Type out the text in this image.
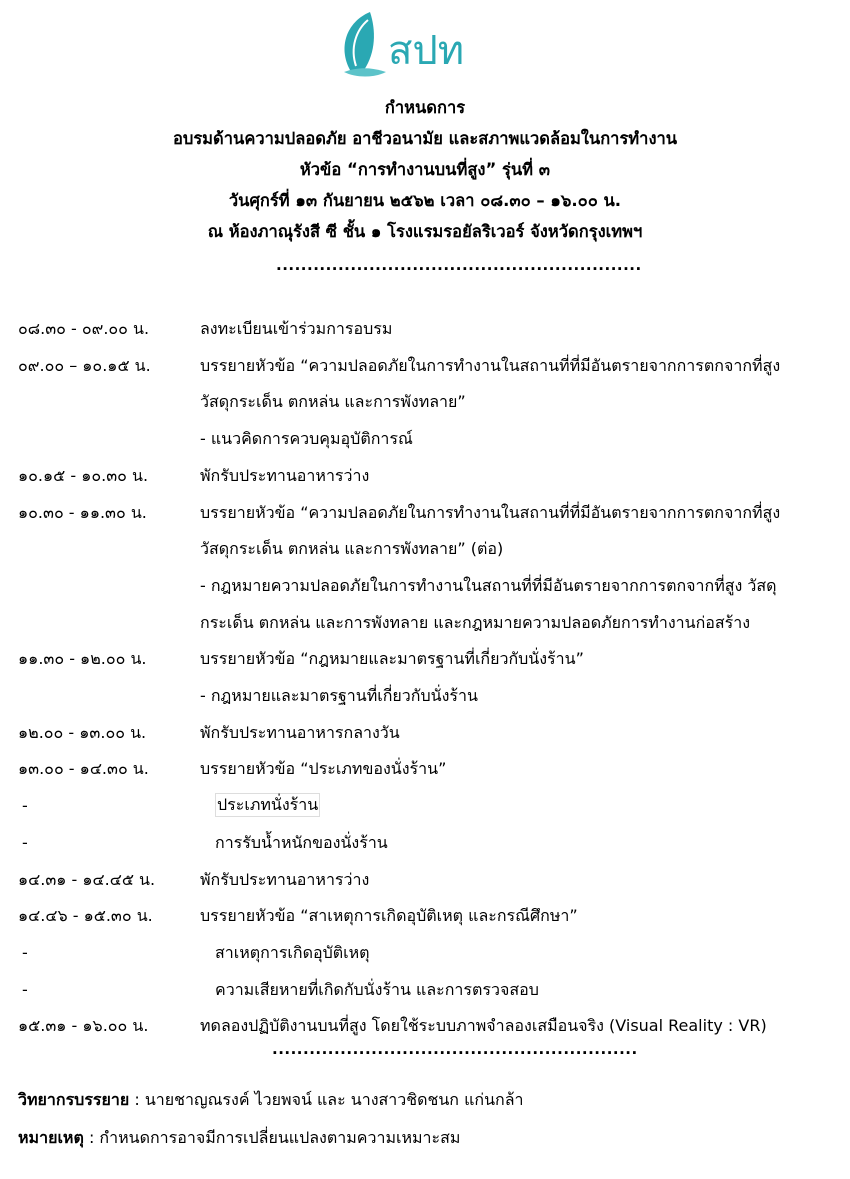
สปท
กำหนดการ
อบรมด้านความปลอดภัย อาชีวอนามัย และสภาพแวดล้อมในการทำงาน
หัวข้อ “การทำงานบนที่สูง” รุ่นที่ ๓
วันศุกร์ที่ ๑๓ กันยายน ๒๕๖๒ เวลา ๐๘.๓๐ – ๑๖.๐๐ น.
ณ ห้องภาณุรังสี ซี ชั้น ๑ โรงแรมรอยัลริเวอร์ จังหวัดกรุงเทพฯ
...........................................................
๐๘.๓๐ - ๐๙.๐๐ น.	ลงทะเบียนเข้าร่วมการอบรม
๐๙.๐๐ – ๑๐.๑๕ น.	บรรยายหัวข้อ “ความปลอดภัยในการทำงานในสถานที่ที่มีอันตรายจากการตกจากที่สูง
วัสดุกระเด็น ตกหล่น และการพังทลาย”
- แนวคิดการควบคุมอุบัติการณ์
๑๐.๑๕ - ๑๐.๓๐ น.	พักรับประทานอาหารว่าง
๑๐.๓๐ - ๑๑.๓๐ น.	บรรยายหัวข้อ “ความปลอดภัยในการทำงานในสถานที่ที่มีอันตรายจากการตกจากที่สูง
วัสดุกระเด็น ตกหล่น และการพังทลาย” (ต่อ)
- กฎหมายความปลอดภัยในการทำงานในสถานที่ที่มีอันตรายจากการตกจากที่สูง วัสดุ
กระเด็น ตกหล่น และการพังทลาย และกฎหมายความปลอดภัยการทำงานก่อสร้าง
๑๑.๓๐ - ๑๒.๐๐ น.	บรรยายหัวข้อ “กฎหมายและมาตรฐานที่เกี่ยวกับนั่งร้าน”
- กฎหมายและมาตรฐานที่เกี่ยวกับนั่งร้าน
๑๒.๐๐ - ๑๓.๐๐ น.	พักรับประทานอาหารกลางวัน
๑๓.๐๐ - ๑๔.๓๐ น.	บรรยายหัวข้อ “ประเภทของนั่งร้าน”
-	ประเภทนั่งร้าน
-	การรับน้ำหนักของนั่งร้าน
๑๔.๓๑ - ๑๔.๔๕ น.	พักรับประทานอาหารว่าง
๑๔.๔๖ - ๑๕.๓๐ น.	บรรยายหัวข้อ “สาเหตุการเกิดอุบัติเหตุ และกรณีศึกษา”
-	สาเหตุการเกิดอุบัติเหตุ
-	ความเสียหายที่เกิดกับนั่งร้าน และการตรวจสอบ
๑๕.๓๑ - ๑๖.๐๐ น.	ทดลองปฏิบัติงานบนที่สูง โดยใช้ระบบภาพจำลองเสมือนจริง (Visual Reality : VR)
...........................................................
วิทยากรบรรยาย : นายชาญณรงค์ ไวยพจน์ และ นางสาวชิดชนก แก่นกล้า
หมายเหตุ : กำหนดการอาจมีการเปลี่ยนแปลงตามความเหมาะสม
